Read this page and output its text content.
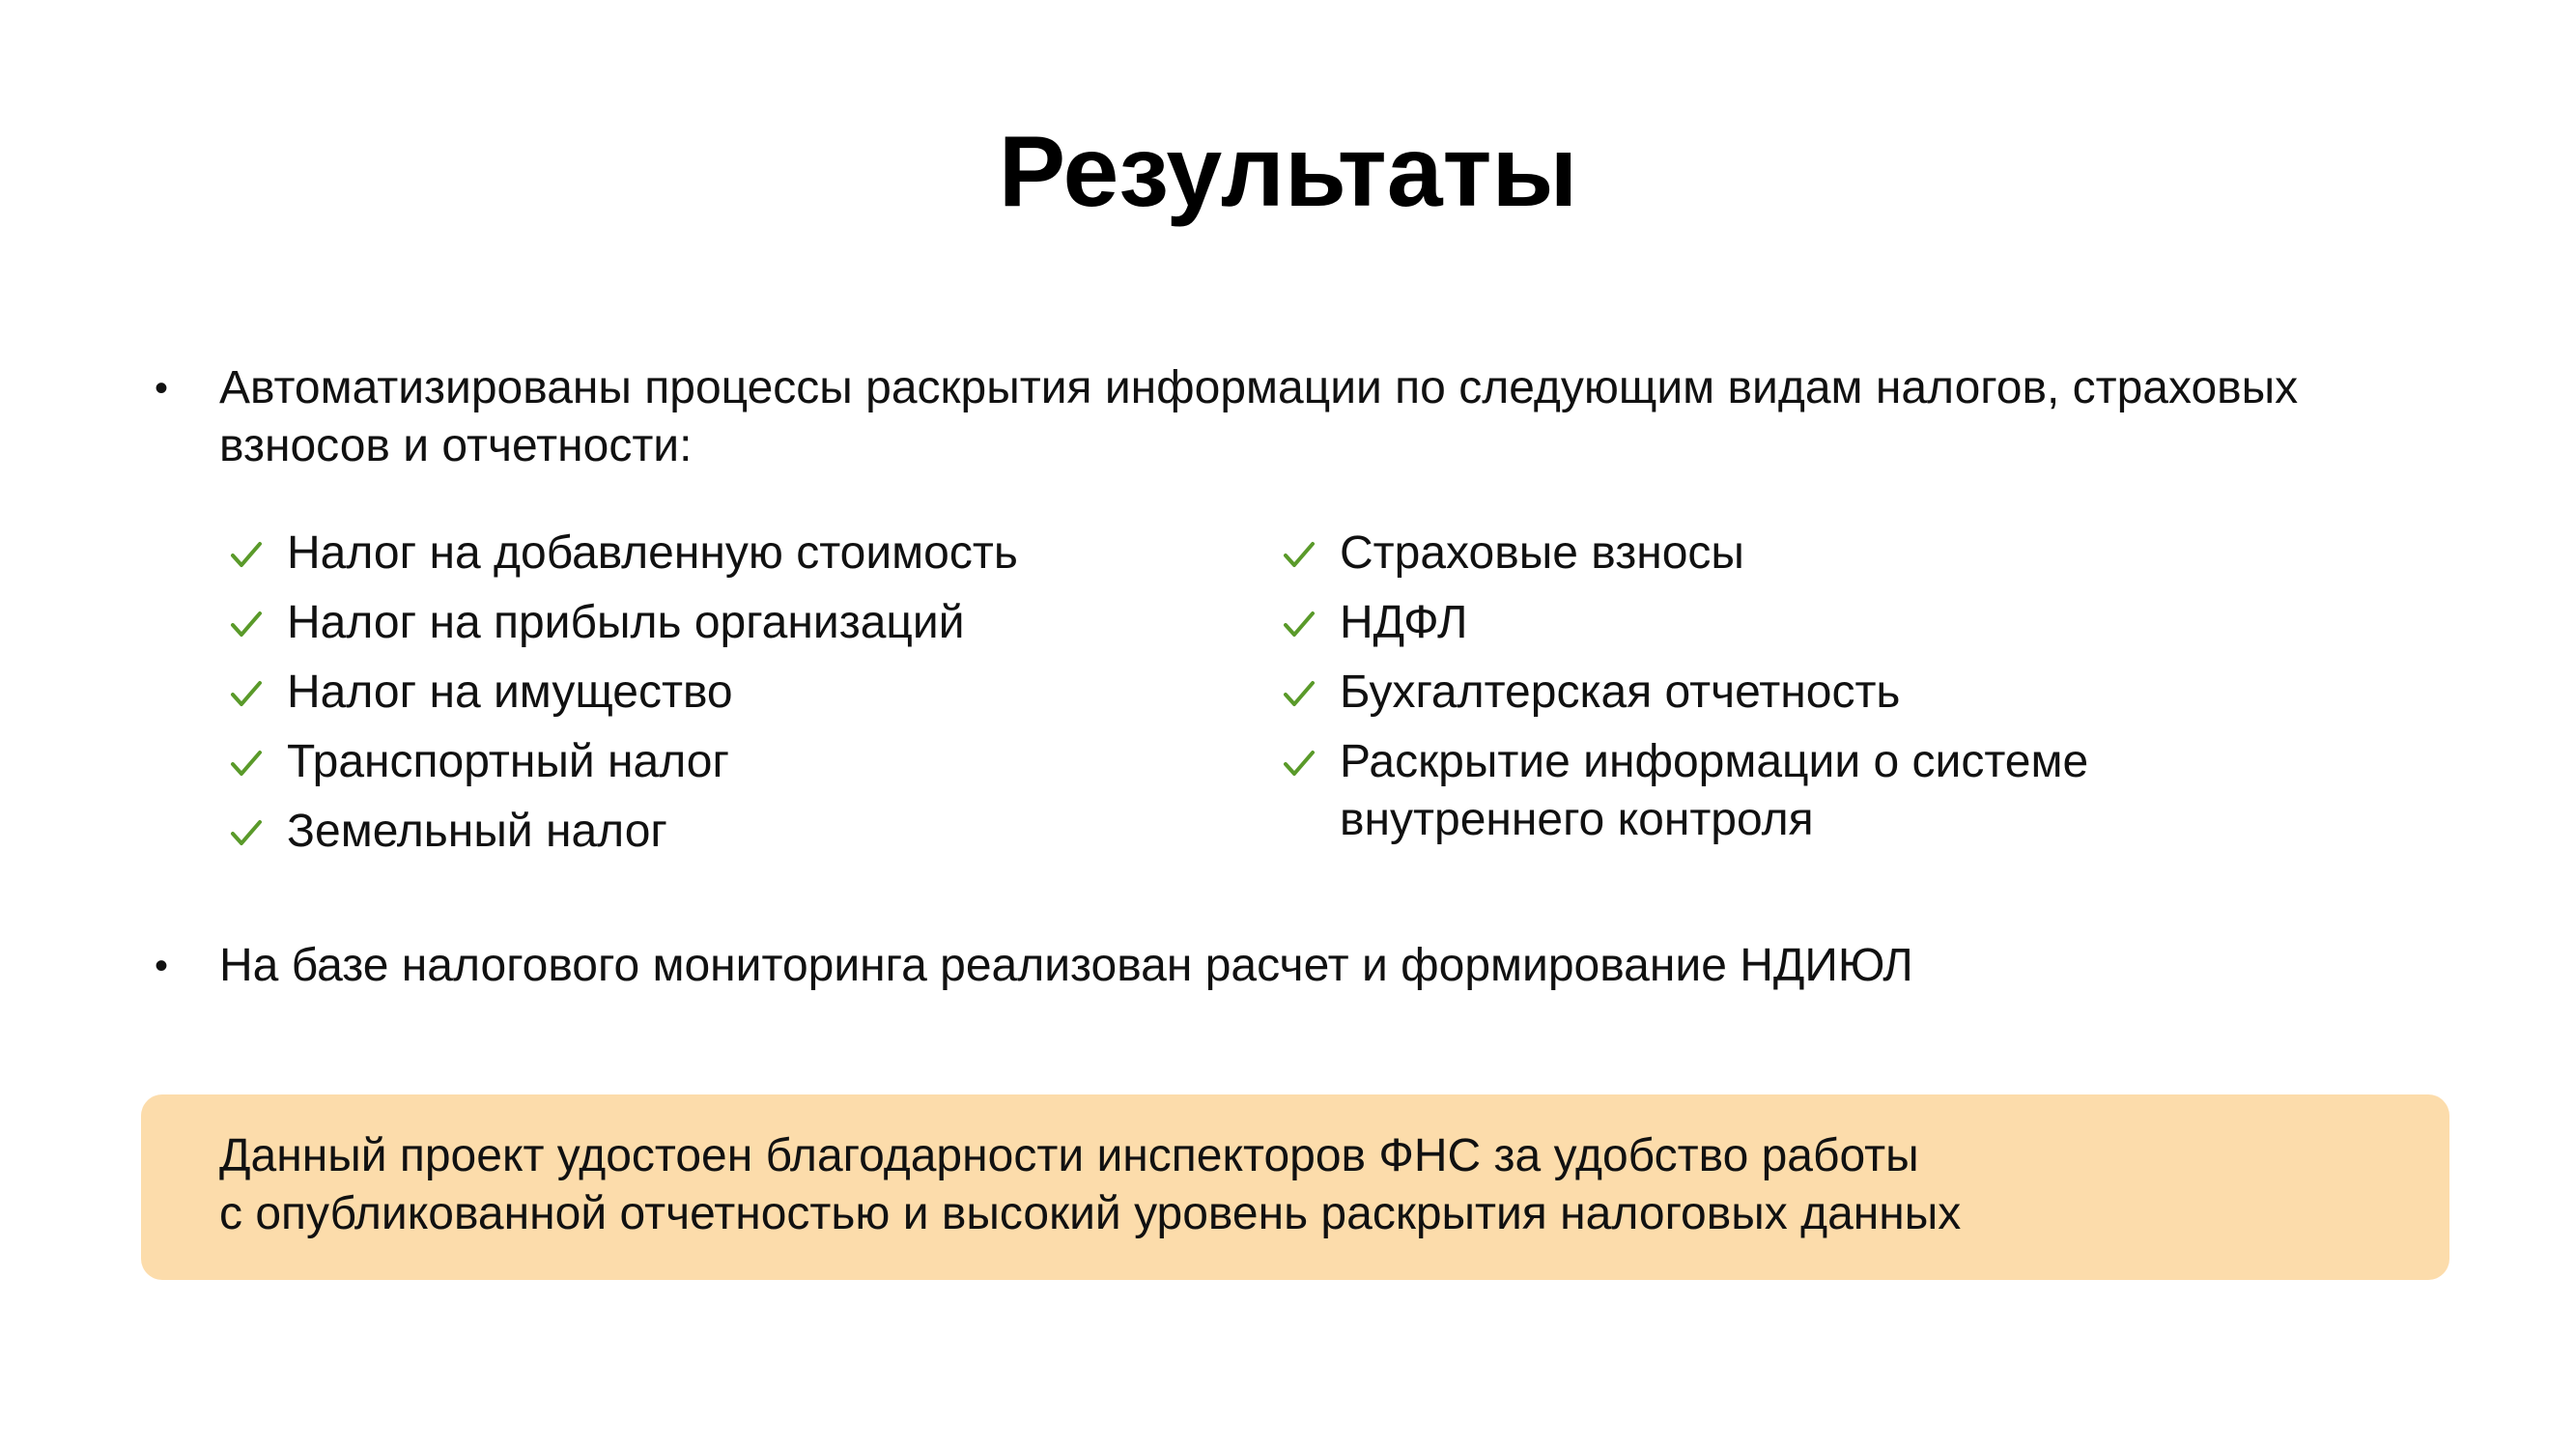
Результаты
•	Автоматизированы процессы раскрытия информации по следующим видам налогов, страховых взносов и отчетности:
Налог на добавленную стоимость
Налог на прибыль организаций
Налог на имущество
Транспортный налог
Земельный налог
Страховые взносы
НДФЛ
Бухгалтерская отчетность
Раскрытие информации о системе внутреннего контроля
•	На базе налогового мониторинга реализован расчет и формирование НДИЮЛ
Данный проект удостоен благодарности инспекторов ФНС за удобство работы
с опубликованной отчетностью и высокий уровень раскрытия налоговых данных
